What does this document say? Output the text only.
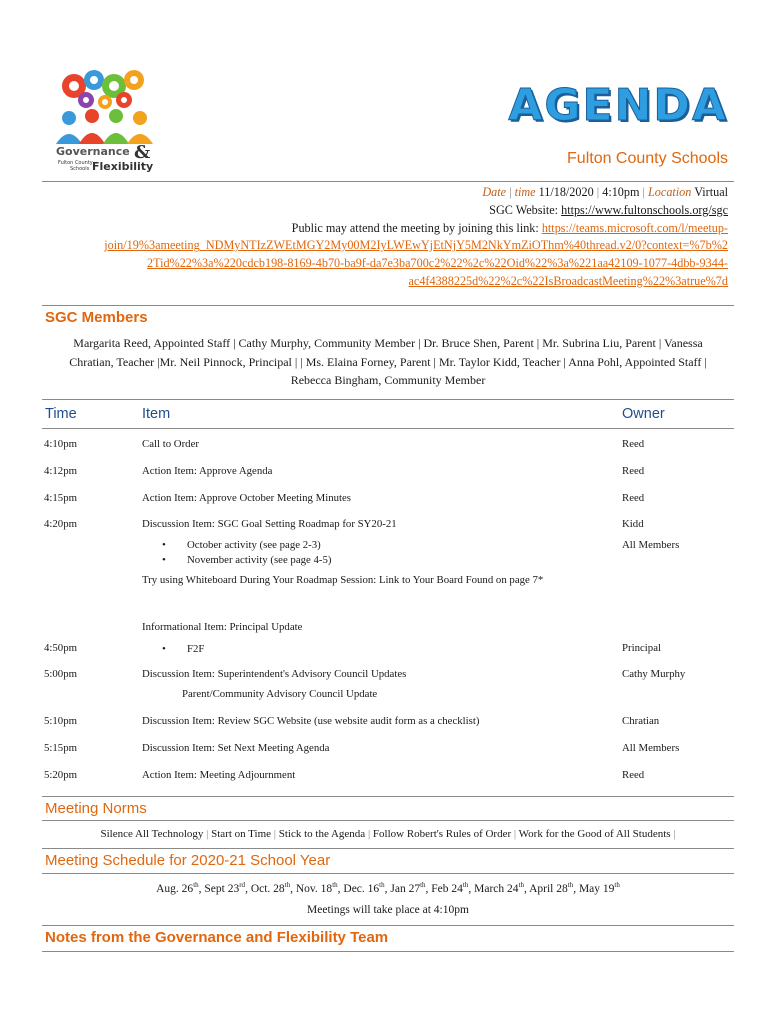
Governance &
Fulton County
Schools Flexibility
AGENDA
Fulton County Schools
Date | time 11/18/2020 | 4:10pm | Location Virtual
SGC Website: https://www.fultonschools.org/sgc
Public may attend the meeting by joining this link: https://teams.microsoft.com/l/meetup-
join/19%3ameeting_NDMyNTIzZWEtMGY2My00M2IyLWEwYjEtNjY5M2NkYmZiOThm%40thread.v2/0?context=%7b%2
2Tid%22%3a%220cdcb198-8169-4b70-ba9f-da7e3ba700c2%22%2c%22Oid%22%3a%221aa42109-1077-4dbb-9344-
ac4f4388225d%22%2c%22IsBroadcastMeeting%22%3atrue%7d
SGC Members
Margarita Reed, Appointed Staff | Cathy Murphy, Community Member | Dr. Bruce Shen, Parent | Mr. Subrina Liu, Parent | Vanessa
Chratian, Teacher |Mr. Neil Pinnock, Principal | | Ms. Elaina Forney, Parent | Mr. Taylor Kidd, Teacher | Anna Pohl, Appointed Staff |
Rebecca Bingham, Community Member
Time	Item	Owner
4:10pm	Call to Order	Reed
4:12pm	Action Item: Approve Agenda	Reed
4:15pm	Action Item: Approve October Meeting Minutes	Reed
4:20pm	Discussion Item: SGC Goal Setting Roadmap for SY20-21	Kidd
• October activity (see page 2-3)
• November activity (see page 4-5)
All Members
Try using Whiteboard During Your Roadmap Session: Link to Your Board Found on page 7*
Informational Item: Principal Update
4:50pm
•	F2F	Principal
5:00pm	Discussion Item: Superintendent's Advisory Council Updates	Cathy Murphy
Parent/Community Advisory Council Update
5:10pm	Discussion Item: Review SGC Website (use website audit form as a checklist)	Chratian
5:15pm	Discussion Item: Set Next Meeting Agenda	All Members
5:20pm	Action Item: Meeting Adjournment	Reed
Meeting Norms
Silence All Technology | Start on Time | Stick to the Agenda | Follow Robert's Rules of Order | Work for the Good of All Students |
Meeting Schedule for 2020-21 School Year
Aug. 26th, Sept 23rd, Oct. 28th, Nov. 18th, Dec. 16th, Jan 27th, Feb 24th, March 24th, April 28th, May 19th
Meetings will take place at 4:10pm
Notes from the Governance and Flexibility Team
